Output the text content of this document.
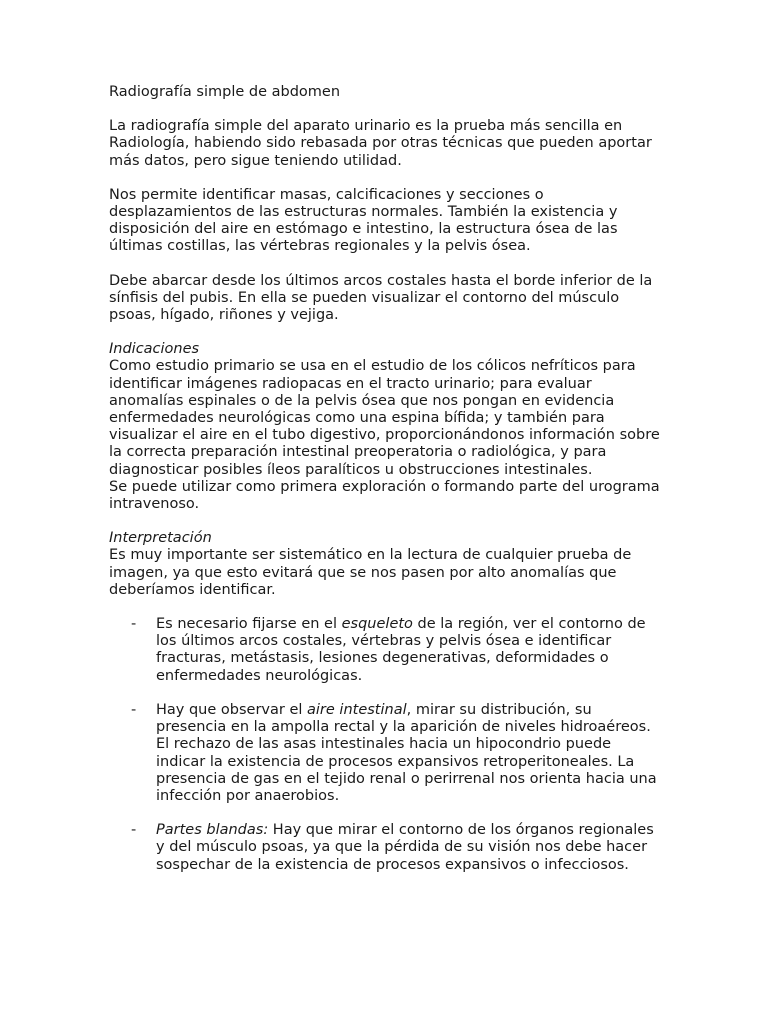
Radiografía simple de abdomen

La radiografía simple del aparato urinario es la prueba más sencilla en Radiología, habiendo sido rebasada por otras técnicas que pueden aportar más datos, pero sigue teniendo utilidad.

Nos permite identificar masas, calcificaciones y secciones o desplazamientos de las estructuras normales. También la existencia y disposición del aire en estómago e intestino, la estructura ósea de las últimas costillas, las vértebras regionales y la pelvis ósea.

Debe abarcar desde los últimos arcos costales hasta el borde inferior de la sínfisis del pubis. En ella se pueden visualizar el contorno del músculo psoas, hígado, riñones y vejiga.

Indicaciones

Como estudio primario se usa en el estudio de los cólicos nefríticos para identificar imágenes radiopacas en el tracto urinario; para evaluar anomalías espinales o de la pelvis ósea que nos pongan en evidencia enfermedades neurológicas como una espina bífida; y también para visualizar el aire en el tubo digestivo, proporcionándonos información sobre la correcta preparación intestinal preoperatoria o radiológica, y para diagnosticar posibles íleos paralíticos u obstrucciones intestinales.

Se puede utilizar como primera exploración o formando parte del urograma intravenoso.

Interpretación

Es muy importante ser sistemático en la lectura de cualquier prueba de imagen, ya que esto evitará que se nos pasen por alto anomalías que deberíamos identificar.

- Es necesario fijarse en el esqueleto de la región, ver el contorno de los últimos arcos costales, vértebras y pelvis ósea e identificar fracturas, metástasis, lesiones degenerativas, deformidades o enfermedades neurológicas.
- Hay que observar el aire intestinal, mirar su distribución, su presencia en la ampolla rectal y la aparición de niveles hidroaéreos. El rechazo de las asas intestinales hacia un hipocondrio puede indicar la existencia de procesos expansivos retroperitoneales. La presencia de gas en el tejido renal o perirrenal nos orienta hacia una infección por anaerobios.
- Partes blandas: Hay que mirar el contorno de los órganos regionales y del músculo psoas, ya que la pérdida de su visión nos debe hacer sospechar de la existencia de procesos expansivos o infecciosos.
